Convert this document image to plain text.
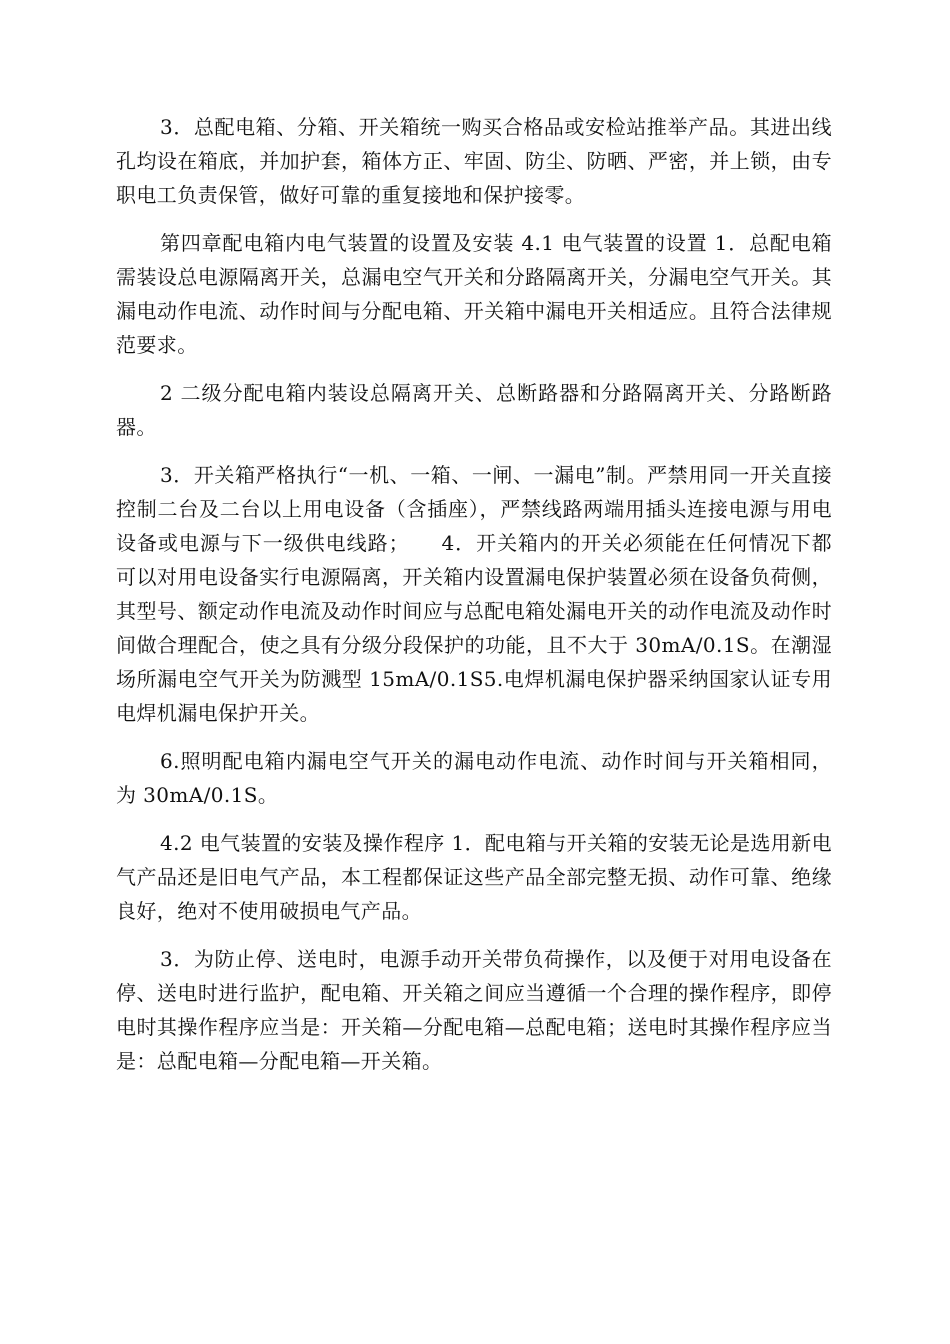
3．总配电箱、分箱、开关箱统一购买合格品或安检站推举产品。其进出线孔均设在箱底，并加护套，箱体方正、牢固、防尘、防晒、严密，并上锁，由专职电工负责保管，做好可靠的重复接地和保护接零。

第四章配电箱内电气装置的设置及安装 4.1 电气装置的设置 1．总配电箱需装设总电源隔离开关，总漏电空气开关和分路隔离开关，分漏电空气开关。其漏电动作电流、动作时间与分配电箱、开关箱中漏电开关相适应。且符合法律规范要求。

2 二级分配电箱内装设总隔离开关、总断路器和分路隔离开关、分路断路器。

3．开关箱严格执行“一机、一箱、一闸、一漏电”制。严禁用同一开关直接控制二台及二台以上用电设备（含插座），严禁线路两端用插头连接电源与用电设备或电源与下一级供电线路；　　4．开关箱内的开关必须能在任何情况下都可以对用电设备实行电源隔离，开关箱内设置漏电保护装置必须在设备负荷侧，其型号、额定动作电流及动作时间应与总配电箱处漏电开关的动作电流及动作时间做合理配合，使之具有分级分段保护的功能，且不大于 30mA/0.1S。在潮湿场所漏电空气开关为防溅型 15mA/0.1S5.电焊机漏电保护器采纳国家认证专用电焊机漏电保护开关。

6.照明配电箱内漏电空气开关的漏电动作电流、动作时间与开关箱相同，为 30mA/0.1S。

4.2 电气装置的安装及操作程序 1．配电箱与开关箱的安装无论是选用新电气产品还是旧电气产品，本工程都保证这些产品全部完整无损、动作可靠、绝缘良好，绝对不使用破损电气产品。

3．为防止停、送电时，电源手动开关带负荷操作，以及便于对用电设备在停、送电时进行监护，配电箱、开关箱之间应当遵循一个合理的操作程序，即停电时其操作程序应当是：开关箱—分配电箱—总配电箱；送电时其操作程序应当是：总配电箱—分配电箱—开关箱。
